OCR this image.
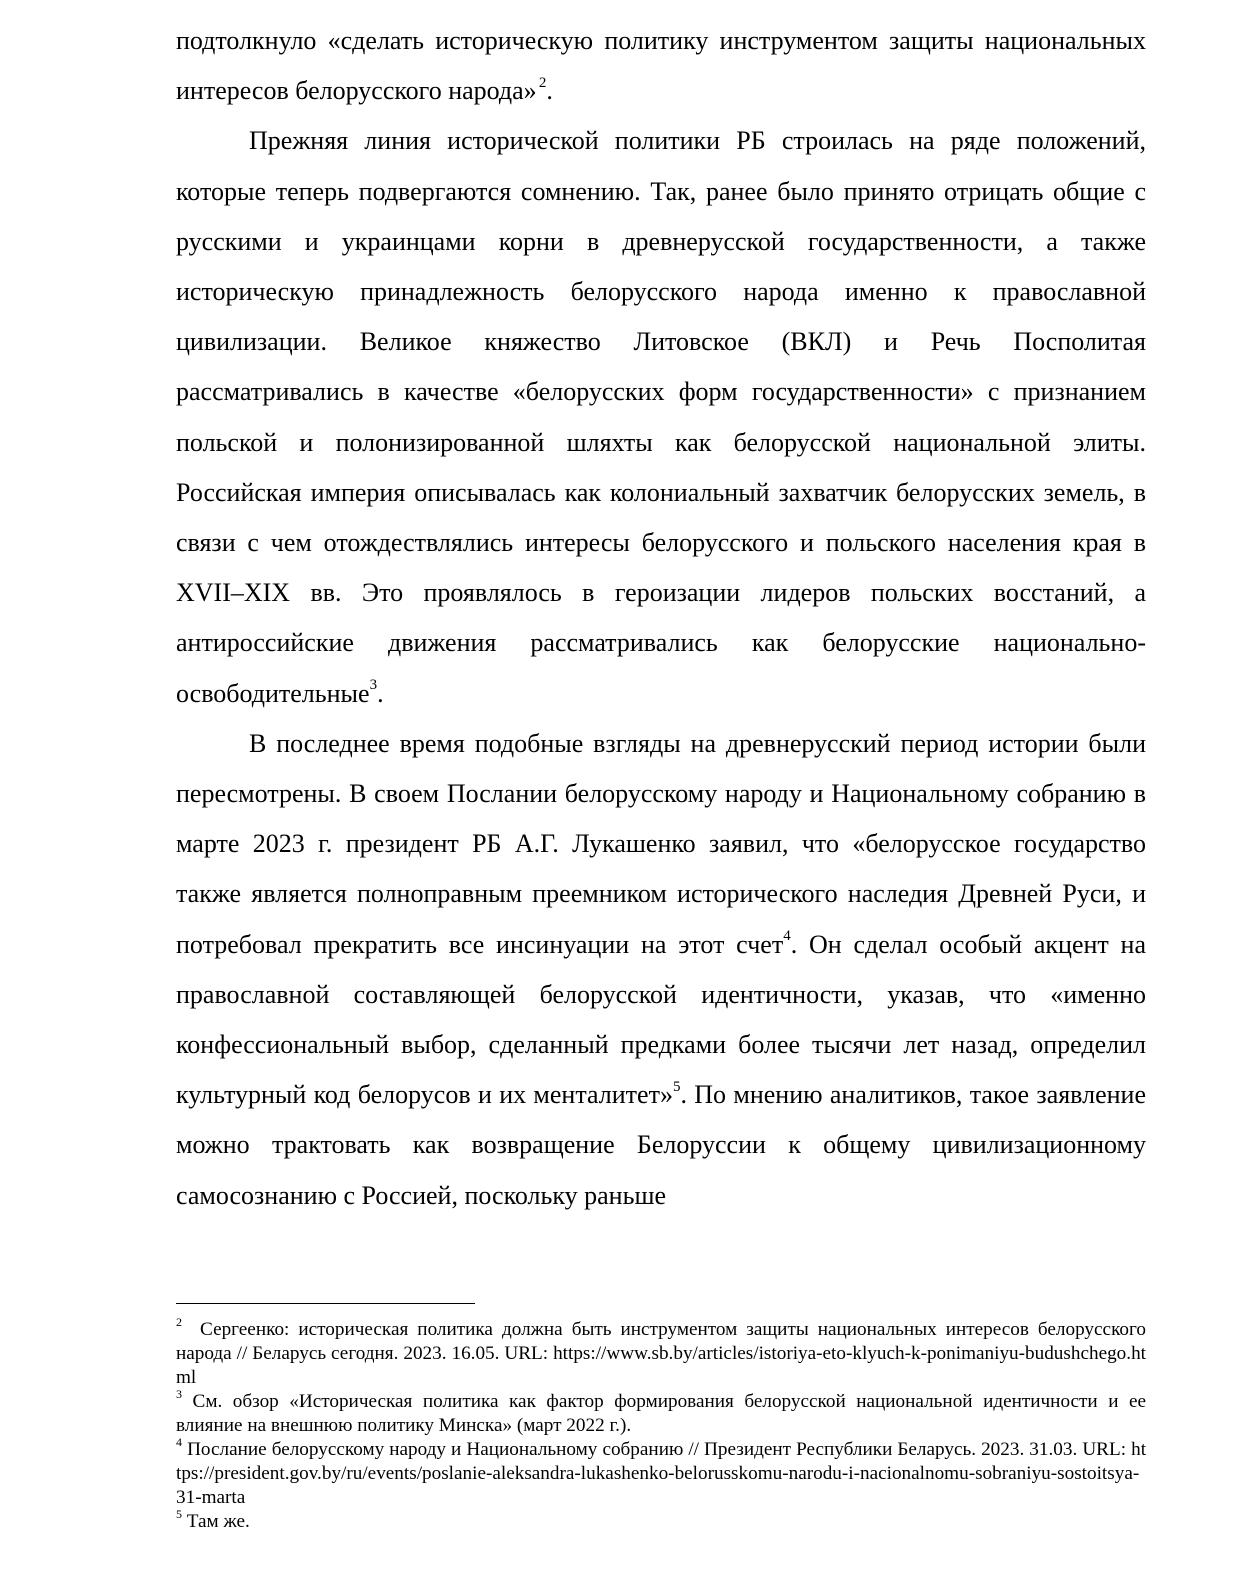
подтолкнуло «сделать историческую политику инструментом защиты национальных интересов белорусского народа»  $^2$.

Прежняя линия исторической политики РБ строилась на ряде положений, которые теперь подвергаются сомнению. Так, ранее было принято отрицать общие с русскими и украинцами корни в древнерусской государственности, а также историческую принадлежность белорусского народа именно к православной цивилизации. Великое княжество Литовское (ВКЛ) и Речь Посполитая рассматривались в качестве «белорусских форм государственности» с признанием польской и полонизированной шляхты как белорусской национальной элиты. Российская империя описывалась как колониальный захватчик белорусских земель, в связи с чем отождествлялись интересы белорусского и польского населения края в XVII–XIX вв. Это проявлялось в героизации лидеров польских восстаний, а антироссийские движения рассматривались как белорусские национально-освободительные$^3$.

В последнее время подобные взгляды на древнерусский период истории были пересмотрены. В своем Послании белорусскому народу и Национальному собранию в марте 2023 г. президент РБ А.Г. Лукашенко заявил, что «белорусское государство также является полноправным преемником исторического наследия Древней Руси, и потребовал прекратить все инсинуации на этот счет$^4$. Он сделал особый акцент на православной составляющей белорусской идентичности, указав, что «именно конфессиональный выбор, сделанный предками более тысячи лет назад, определил культурный код белорусов и их менталитет»$^5$. По мнению аналитиков, такое заявление можно трактовать как возвращение Белоруссии к общему цивилизационному самосознанию с Россией, поскольку раньше

$^2$ Сергеенко: историческая политика должна быть инструментом защиты национальных интересов белорусского народа // Беларусь сегодня. 2023. 16.05. URL: https://www.sb.by/articles/istoriya-eto-klyuch-k-ponimaniyu-budushchego.html

$^3$ См. обзор «Историческая политика как фактор формирования белорусской национальной идентичности и ее влияние на внешнюю политику Минска» (март 2022 г.).

$^4$ Послание белорусскому народу и Национальному собранию // Президент Республики Беларусь. 2023. 31.03. URL: https://president.gov.by/ru/events/poslanie-aleksandra-lukashenko-belorusskomu-narodu-i-nacionalnomu-sobraniyu-sostoitsya-31-marta

$^5$ Там же.
